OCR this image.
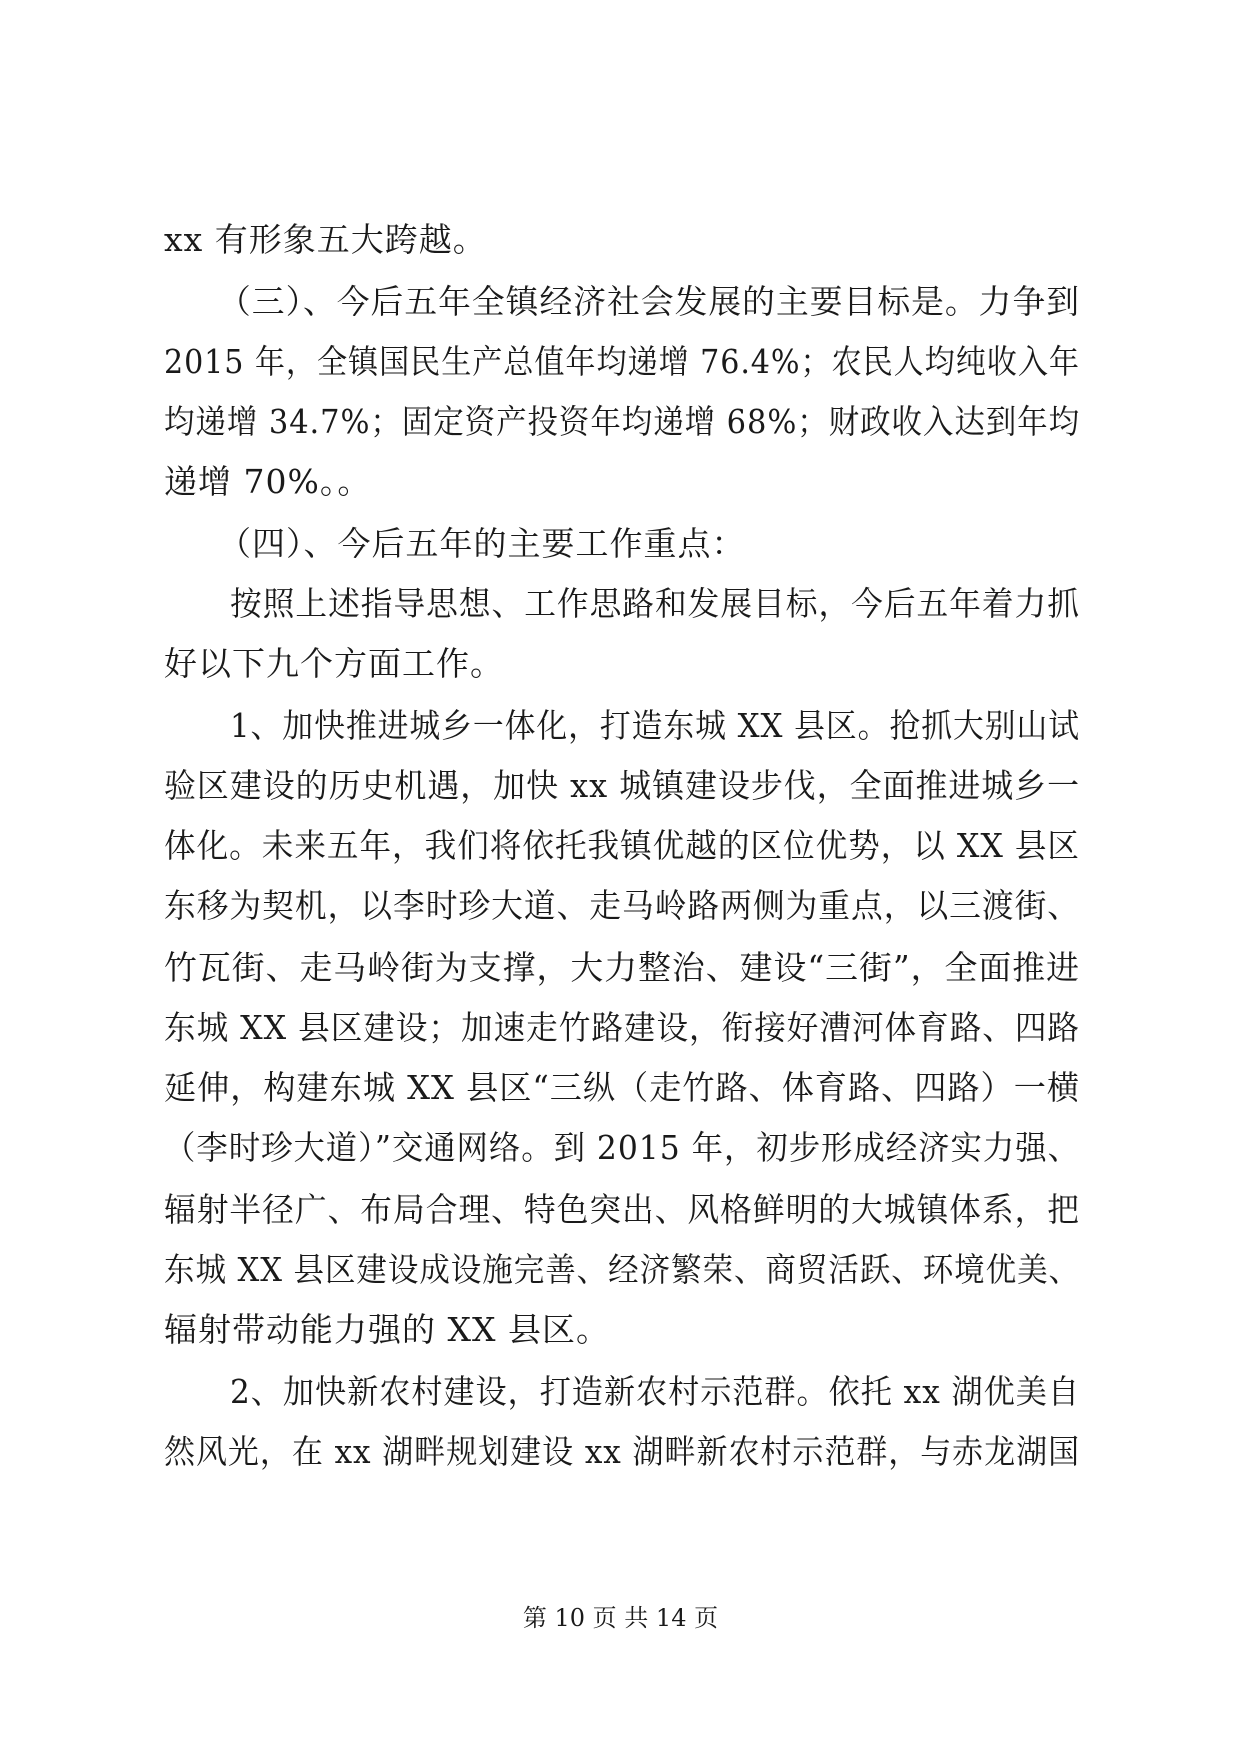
xx 有形象五大跨越。
（三）、今后五年全镇经济社会发展的主要目标是。力争到
2015 年，全镇国民生产总值年均递增 76.4%；农民人均纯收入年
均递增 34.7%；固定资产投资年均递增 68%；财政收入达到年均
递增 70%。。
（四）、今后五年的主要工作重点：
按照上述指导思想、工作思路和发展目标，今后五年着力抓
好以下九个方面工作。
1、加快推进城乡一体化，打造东城 XX 县区。抢抓大别山试
验区建设的历史机遇，加快 xx 城镇建设步伐，全面推进城乡一
体化。未来五年，我们将依托我镇优越的区位优势，以 XX 县区
东移为契机，以李时珍大道、走马岭路两侧为重点，以三渡街、
竹瓦街、走马岭街为支撑，大力整治、建设“三街”，全面推进
东城 XX 县区建设；加速走竹路建设，衔接好漕河体育路、四路
延伸，构建东城 XX 县区“三纵（走竹路、体育路、四路）一横
（李时珍大道）”交通网络。到 2015 年，初步形成经济实力强、
辐射半径广、布局合理、特色突出、风格鲜明的大城镇体系，把
东城 XX 县区建设成设施完善、经济繁荣、商贸活跃、环境优美、
辐射带动能力强的 XX 县区。
2、加快新农村建设，打造新农村示范群。依托 xx 湖优美自
然风光，在 xx 湖畔规划建设 xx 湖畔新农村示范群，与赤龙湖国
第 10 页 共 14 页
